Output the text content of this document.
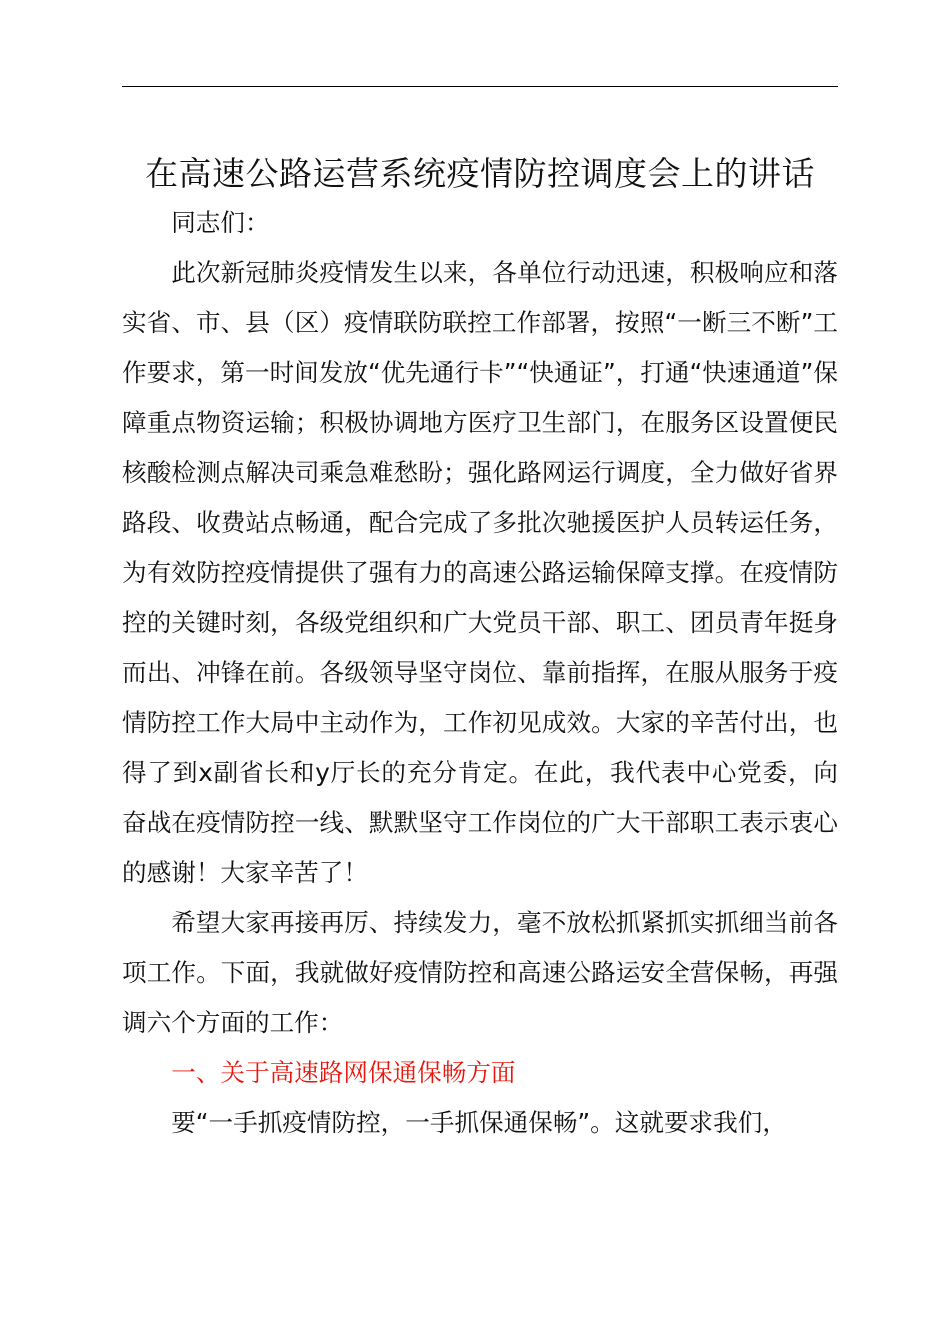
在高速公路运营系统疫情防控调度会上的讲话

同志们：

此次新冠肺炎疫情发生以来，各单位行动迅速，积极响应和落实省、市、县（区）疫情联防联控工作部署，按照“一断三不断”工作要求，第一时间发放“优先通行卡”“快通证”，打通“快速通道”保障重点物资运输；积极协调地方医疗卫生部门，在服务区设置便民核酸检测点解决司乘急难愁盼；强化路网运行调度，全力做好省界路段、收费站点畅通，配合完成了多批次驰援医护人员转运任务，为有效防控疫情提供了强有力的高速公路运输保障支撑。在疫情防控的关键时刻，各级党组织和广大党员干部、职工、团员青年挺身而出、冲锋在前。各级领导坚守岗位、靠前指挥，在服从服务于疫情防控工作大局中主动作为，工作初见成效。大家的辛苦付出，也得了到x副省长和y厅长的充分肯定。在此，我代表中心党委，向奋战在疫情防控一线、默默坚守工作岗位的广大干部职工表示衷心的感谢！大家辛苦了！

希望大家再接再厉、持续发力，毫不放松抓紧抓实抓细当前各项工作。下面，我就做好疫情防控和高速公路运安全营保畅，再强调六个方面的工作：

一、关于高速路网保通保畅方面

要“一手抓疫情防控，一手抓保通保畅”。这就要求我们，
